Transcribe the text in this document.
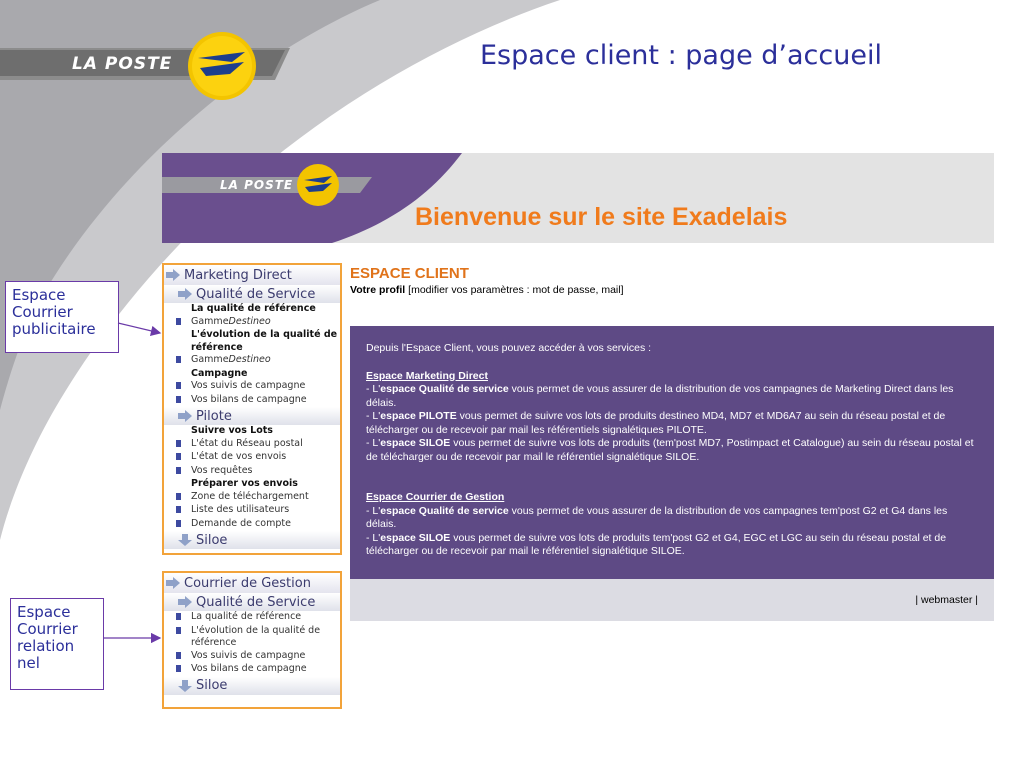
LA POSTE	Espace client : page d’accueil
LA POSTE
Bienvenue sur le site Exadelais
Marketing Direct
Qualité de Service
La qualité de référence
Gamme Destineo
L'évolution de la qualité de référence
Gamme Destineo
Campagne
Vos suivis de campagne
Vos bilans de campagne
Pilote
Suivre vos Lots
L'état du Réseau postal
L'état de vos envois
Vos requêtes
Préparer vos envois
Zone de téléchargement
Liste des utilisateurs
Demande de compte
Siloe
Courrier de Gestion
Qualité de Service
La qualité de référence
L'évolution de la qualité de référence
Vos suivis de campagne
Vos bilans de campagne
Siloe
ESPACE CLIENT
Votre profil [modifier vos paramètres : mot de passe, mail]

Depuis l'Espace Client, vous pouvez accéder à vos services :

Espace Marketing Direct

- L'espace Qualité de service vous permet de vous assurer de la distribution de vos campagnes de Marketing Direct dans les délais.

- L'espace PILOTE vous permet de suivre vos lots de produits destineo MD4, MD7 et MD6A7 au sein du réseau postal et de télécharger ou de recevoir par mail les référentiels signalétiques PILOTE.

- L'espace SILOE vous permet de suivre vos lots de produits (tem'post MD7, Postimpact et Catalogue) au sein du réseau postal et de télécharger ou de recevoir par mail le référentiel signalétique SILOE.

Espace Courrier de Gestion

- L'espace Qualité de service vous permet de vous assurer de la distribution de vos campagnes tem'post G2 et G4 dans les délais.

- L'espace SILOE vous permet de suivre vos lots de produits tem'post G2 et G4, EGC et LGC au sein du réseau postal et de télécharger ou de recevoir par mail le référentiel signalétique SILOE.

| webmaster |
Espace
Courrier
publicitaire
Espace
Courrier
relation
nel
